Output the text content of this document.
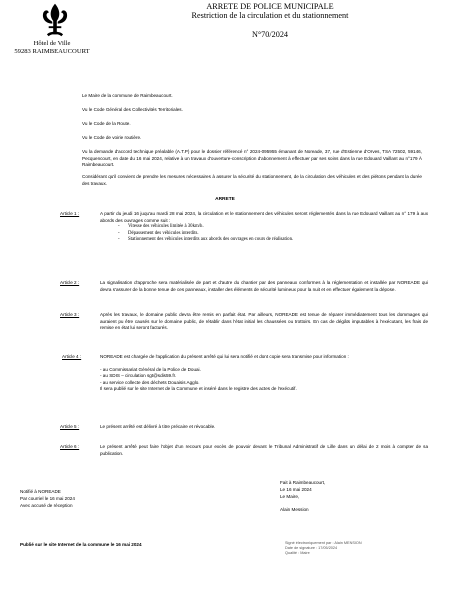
Hôtel de Ville
59283 RAIMBEAUCOURT
ARRETE DE POLICE MUNICIPALE
Restriction de la circulation et du stationnement
N°70/2024
Le Maire de la commune de Raimbeaucourt.
Vu le Code Général des Collectivités Territoriales.
Vu le Code de la Route.
Vu le Code de voirie routière.
Vu la demande d'accord technique préalable (A.T.P) pour le dossier référencé n° 2024-095955 émanant de Noreade, 37, rue d'Estienne d'Orves, TSA 72502, 59146, Pecquencourt, en date du 16 mai 2024, relative à un travaux d'ouverture-conscription d'abonnement à effectuer par ses soins dans la rue Edouard Vaillant au n°179 À Raimbeaucourt.
Considérant qu'il convient de prendre les mesures nécessaires à assurer la sécurité du stationnement, de la circulation des véhicules et des piétons pendant la durée des travaux.
ARRETE
Article 1 :	A partir du jeudi 16 juqu'au mardi 28 mai 2024, la circulation et le stationnement des véhicules seront réglementés dans la rue Edouard Vaillant au n° 179 à aux abords des ouvrages comme suit :
- Vitesse des véhicules limitée à 30km/h.
- Dépassement des véhicules interdits.
- Stationnement des véhicules interdits aux abords des ouvrages en cours de réalisation.
Article 2 :	La signalisation d'approche sera matérialisée de part et d'autre du chantier par des panneaux conformes à la réglementation et installée par NOREADE qui devra s'assurer de la bonne tenue de ces panneaux, installer des éléments de sécurité lumineux pour la nuit et en effectuer également la dépose.
Article 3 :	Après les travaux, le domaine public devra être remis en parfait état. Par ailleurs, NOREADE est tenue de réparer immédiatement tous les dommages qui auraient pu être causés sur le domaine public, de rétablir dans l'état initial les chaussées ou trottoirs. En cas de dégâts imputables à l'exécutant, les frais de remise en état lui seront facturés.
Article 4 :	NOREADE est chargée de l'application du présent arrêté qui lui sera notifié et dont copie sera transmise pour information :
- au Commissariat Général de la Police de Douai.
- au SDIS – circulation sgt@sdis59.fr.
- au service collecte des déchets Douaisis Agglo.
Il sera publié sur le site Internet de la Commune et inséré dans le registre des actes de l'exécutif.
Article 5 :	Le présent arrêté est délivré à titre précaire et révocable.
Article 6 :	Le présent arrêté peut faire l'objet d'un recours pour excès de pouvoir devant le Tribunal Administratif de Lille dans un délai de 2 mois à compter de sa publication.
Notifié à NOREADE
Par courriel le 16 mai 2024
Avec accusé de réception
Fait à Raimbeaucourt,
Le 16 mai 2024
Le Maire,
Alain Mession
Publié sur le site Internet de la commune le 16 mai 2024	Signé électroniquement par : Alain MENSION
Date de signature : 17/05/2024
Qualité : Maire
